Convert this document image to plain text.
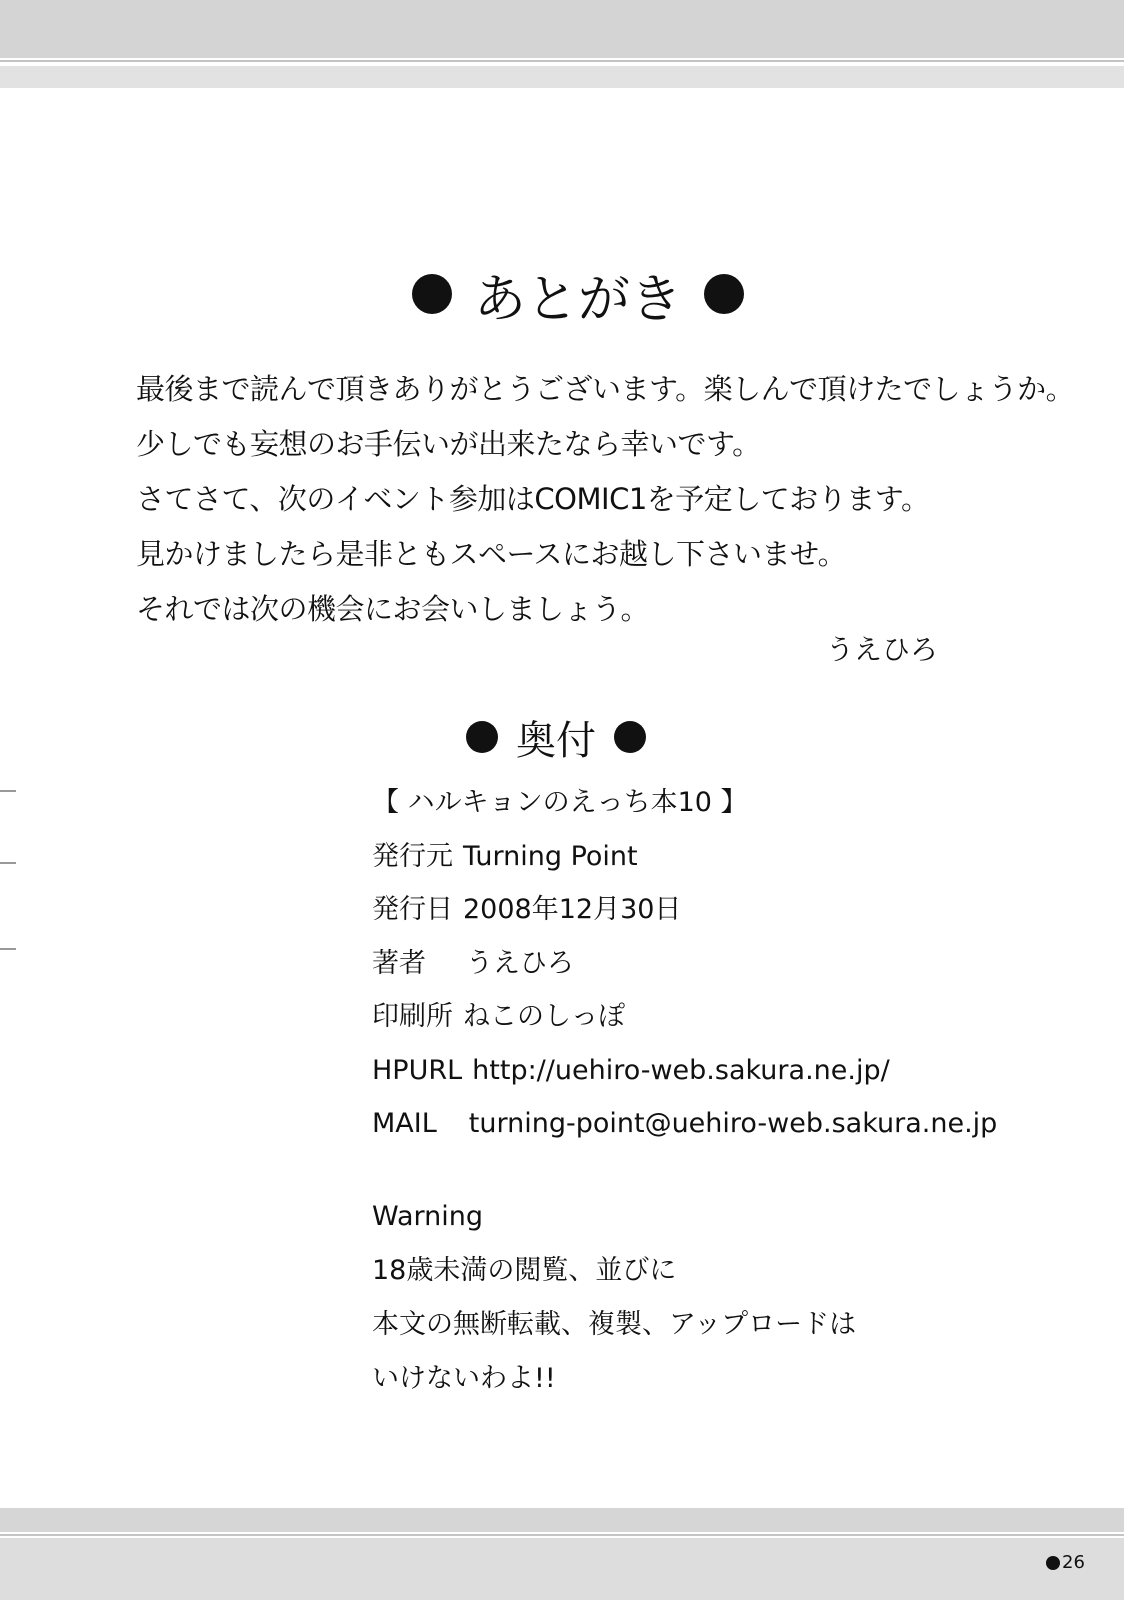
あとがき
最後まで読んで頂きありがとうございます。楽しんで頂けたでしょうか。
少しでも妄想のお手伝いが出来たなら幸いです。
さてさて、次のイベント参加はCOMIC1を予定しております。
見かけましたら是非ともスペースにお越し下さいませ。
それでは次の機会にお会いしましょう。
うえひろ
奥付
【 ハルキョンのえっち本10 】
発行元 Turning Point
発行日 2008年12月30日
著者 うえひろ
印刷所 ねこのしっぽ
HPURL http://uehiro-web.sakura.ne.jp/
MAIL turning-point@uehiro-web.sakura.ne.jp
Warning
18歳未満の閲覧、並びに
本文の無断転載、複製、アップロードは
いけないわよ!!
26
